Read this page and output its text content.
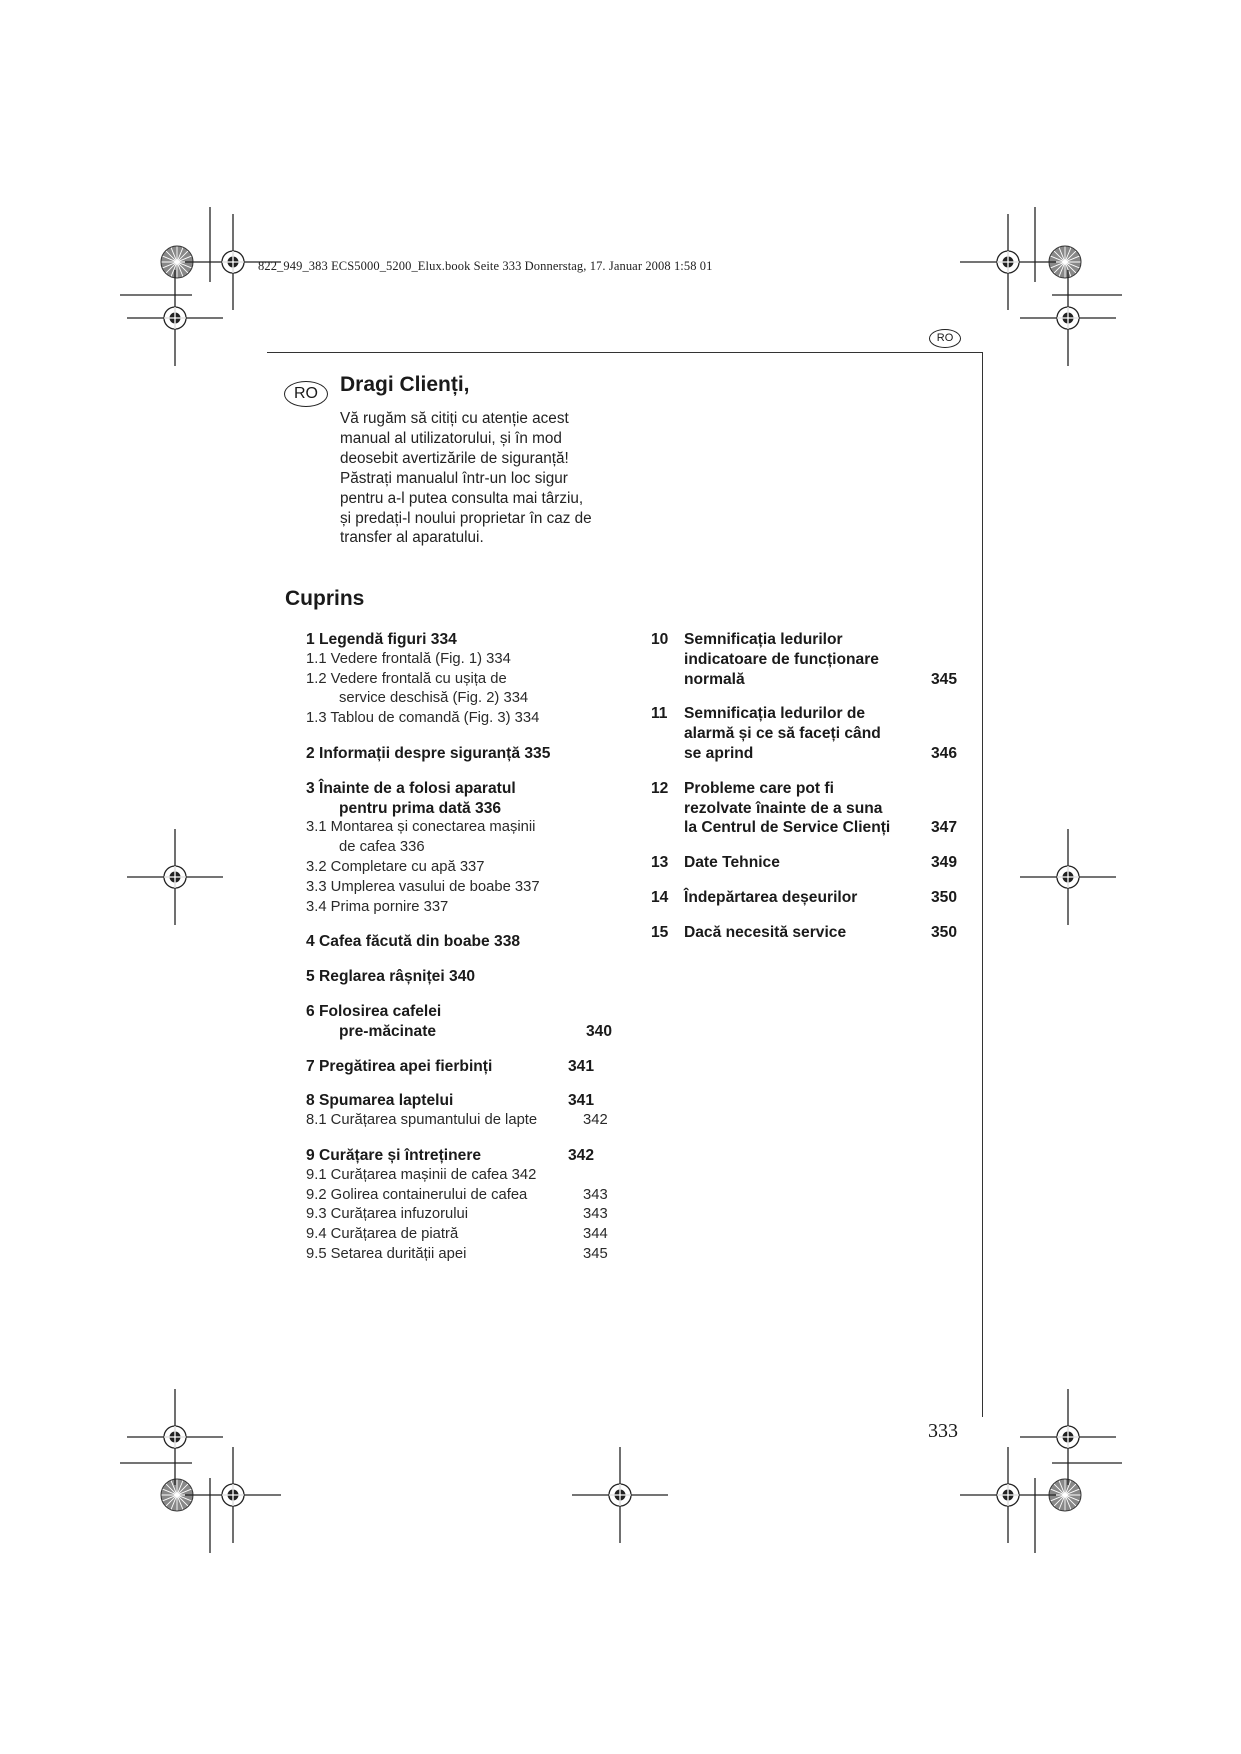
822_949_383 ECS5000_5200_Elux.book Seite 333 Donnerstag, 17. Januar 2008 1:58 01
RO
RO	Dragi Clienți,
Vă rugăm să citiți cu atenție acest
manual al utilizatorului, și în mod
deosebit avertizările de siguranță!
Păstrați manualul într-un loc sigur
pentru a-l putea consulta mai târziu,
și predați-l noului proprietar în caz de
transfer al aparatului.
Cuprins
1 Legendă figuri 334
1.1 Vedere frontală (Fig. 1) 334
1.2 Vedere frontală cu ușița de
service deschisă (Fig. 2) 334
1.3 Tablou de comandă (Fig. 3) 334
2 Informații despre siguranță 335
3 Înainte de a folosi aparatul
pentru prima dată 336
3.1 Montarea și conectarea mașinii
de cafea 336
3.2 Completare cu apă 337
3.3 Umplerea vasului de boabe 337
3.4 Prima pornire 337
4 Cafea făcută din boabe 338
5 Reglarea râșniței 340
6 Folosirea cafelei
pre-măcinate	340
7 Pregătirea apei fierbinți	341
8 Spumarea laptelui	341
8.1 Curățarea spumantului de lapte	342
9 Curățare și întreținere	342
9.1 Curățarea mașinii de cafea 342
9.2 Golirea containerului de cafea	343
9.3 Curățarea infuzorului	343
9.4 Curățarea de piatră	344
9.5 Setarea durității apei	345
10	Semnificația ledurilor
indicatoare de funcționare
normală	345
11	Semnificația ledurilor de
alarmă și ce să faceți când
se aprind	346
12	Probleme care pot fi
rezolvate înainte de a suna
la Centrul de Service Clienți	347
13	Date Tehnice	349
14	Îndepărtarea deșeurilor	350
15	Dacă necesită service	350
333
